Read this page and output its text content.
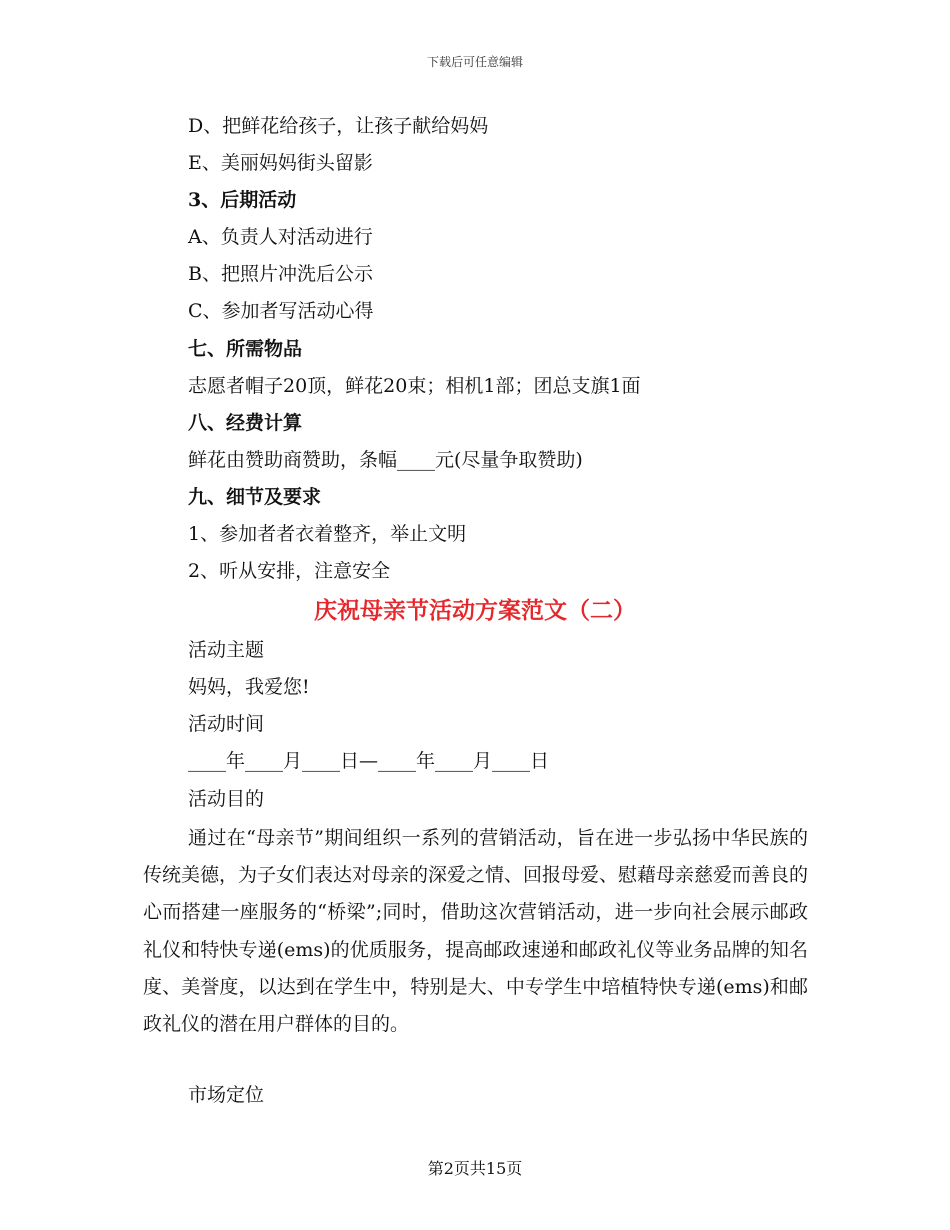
下载后可任意编辑
D、把鲜花给孩子，让孩子献给妈妈
E、美丽妈妈街头留影
3、后期活动
A、负责人对活动进行
B、把照片冲洗后公示
C、参加者写活动心得
七、所需物品
志愿者帽子20顶，鲜花20束；相机1部；团总支旗1面
八、经费计算
鲜花由赞助商赞助，条幅____元(尽量争取赞助)
九、细节及要求
1、参加者者衣着整齐，举止文明
2、听从安排，注意安全
庆祝母亲节活动方案范文（二）
活动主题
妈妈，我爱您!
活动时间
____年____月____日—____年____月____日
活动目的
通过在“母亲节”期间组织一系列的营销活动，旨在进一步弘扬中华民族的传统美德，为子女们表达对母亲的深爱之情、回报母爱、慰藉母亲慈爱而善良的心而搭建一座服务的“桥梁”;同时，借助这次营销活动，进一步向社会展示邮政礼仪和特快专递(ems)的优质服务，提高邮政速递和邮政礼仪等业务品牌的知名度、美誉度，以达到在学生中，特别是大、中专学生中培植特快专递(ems)和邮政礼仪的潜在用户群体的目的。
市场定位
第2页共15页
